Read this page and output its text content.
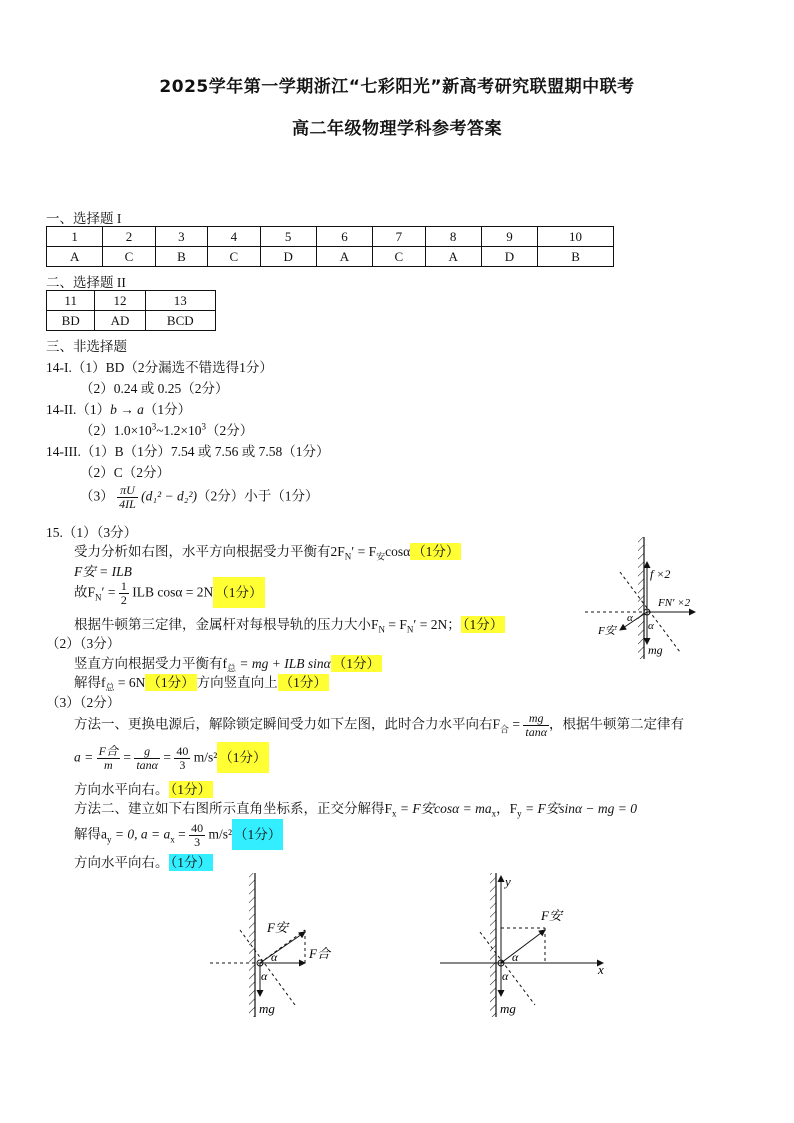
2025学年第一学期浙江“七彩阳光”新高考研究联盟期中联考
高二年级物理学科参考答案
一、选择题 I
1	2	3	4	5	6	7	8	9	10
A	C	B	C	D	A	C	A	D	B
二、选择题 II
11	12	13
BD	AD	BCD
三、非选择题
14-I.（1）BD（2分漏选不错选得1分）
（2）0.24 或 0.25（2分）
14-II.（1）b → a（1分）
$(2)1.0\times 10^3\sim 1.2\times 10^3(2$分）
14-III.（1）B（1分）7.54 或 7.56 或 7.58（1分）
（2）C（2分）
$(3) \frac{\pi U}{4IL} (d_1^2 - d_2^2)(2$分）小于（1分）
15.（1）（3分）
受力分析如右图，水平方向根据受力平衡有$2F_N' = F_安\cos\alpha$ （1分）
F安 = ILB
故$F_N' = \frac{1}{2}$ ILB cosα = 2N （1分）
根据牛顿第三定律，金属杆对每根导轨的压力大小$F_N = F_N' = 2N$； （1分）
（2）（3分）
竖直方向根据受力平衡有$f_总$ = mg + ILB sinα （1分）
解得$f_总 = 6N$ （1分） 方向竖直向上 （1分）
（3）（2分）
方法一、更换电源后，解除锁定瞬间受力如下左图，此时合力水平向右$F_合 = \frac{mg}{\tan\alpha}$ ，根据牛顿第二定律有
$a = \frac{\text{F合}}{m} = \frac{g}{\tan\alpha} = \frac{40}{3} m/s^2$ （1分）
方向水平向右。 （1分）
方法二、建立如下右图所示直角坐标系，正交分解得$F_x = F$安$\cos\alpha = ma_x$，$F_y = F$安sinα − mg = 0
解得$a_y = 0$, $a = a_x = \frac{40}{3} m/s^2$ （1分）
方向水平向右。 （1分）
f ×2
FN′ ×2
α
α
F安
mg
F安
F合
α
α
mg
y
x
F安
α
α
mg
